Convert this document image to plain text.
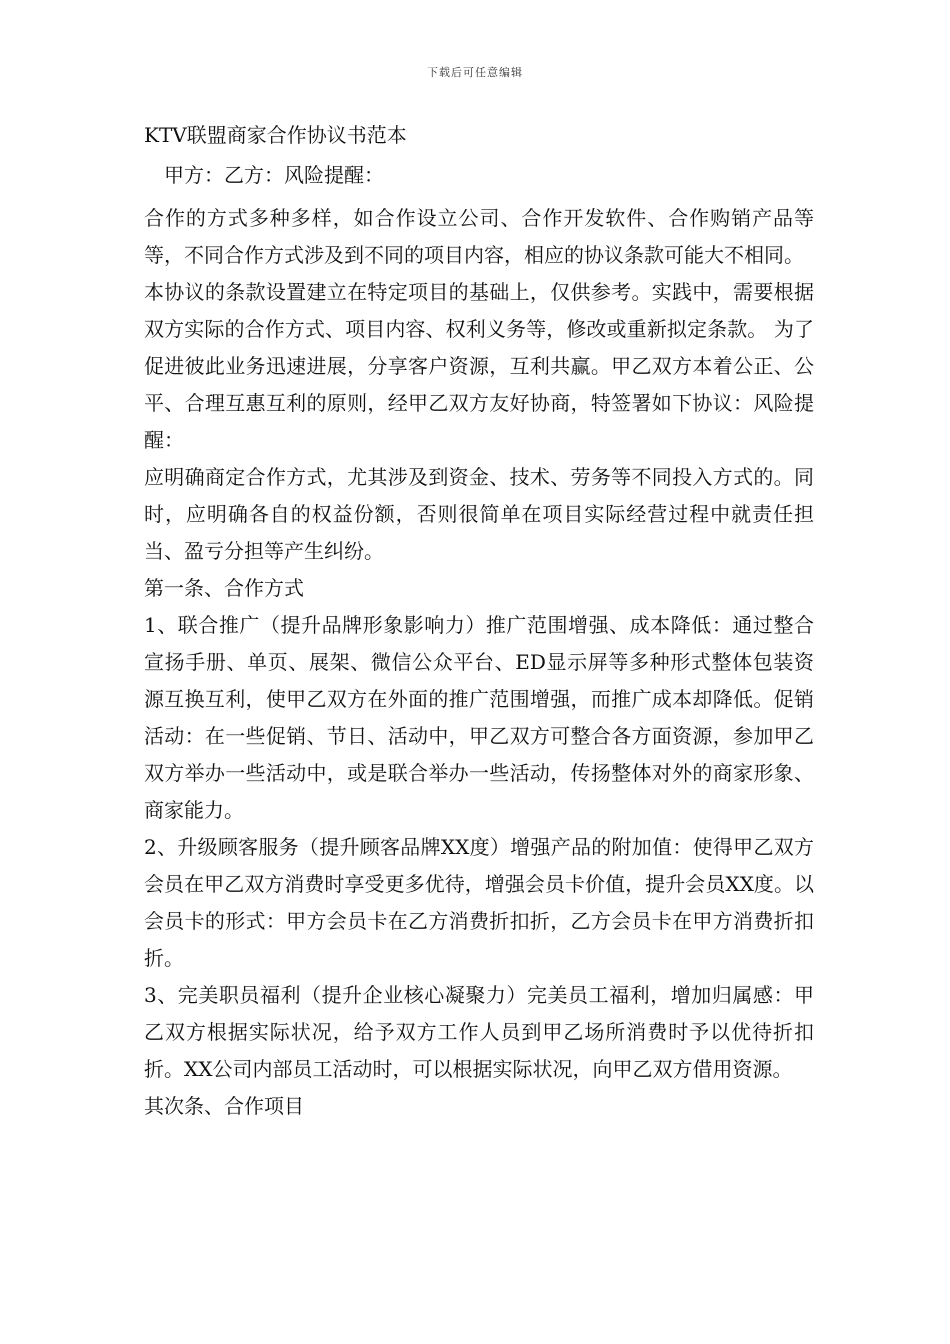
下载后可任意编辑
KTV联盟商家合作协议书范本
甲方：乙方：风险提醒：

合作的方式多种多样，如合作设立公司、合作开发软件、合作购销产品等等，不同合作方式涉及到不同的项目内容，相应的协议条款可能大不相同。

本协议的条款设置建立在特定项目的基础上，仅供参考。实践中，需要根据双方实际的合作方式、项目内容、权利义务等，修改或重新拟定条款。 为了促进彼此业务迅速进展，分享客户资源，互利共赢。甲乙双方本着公正、公平、合理互惠互利的原则，经甲乙双方友好协商，特签署如下协议：风险提醒：

应明确商定合作方式，尤其涉及到资金、技术、劳务等不同投入方式的。同时，应明确各自的权益份额，否则很简单在项目实际经营过程中就责任担当、盈亏分担等产生纠纷。

第一条、合作方式

1、联合推广（提升品牌形象影响力）推广范围增强、成本降低：通过整合宣扬手册、单页、展架、微信公众平台、ED显示屏等多种形式整体包装资源互换互利，使甲乙双方在外面的推广范围增强，而推广成本却降低。促销活动：在一些促销、节日、活动中，甲乙双方可整合各方面资源，参加甲乙双方举办一些活动中，或是联合举办一些活动，传扬整体对外的商家形象、商家能力。

2、升级顾客服务（提升顾客品牌XX度）增强产品的附加值：使得甲乙双方会员在甲乙双方消费时享受更多优待，增强会员卡价值，提升会员XX度。以会员卡的形式：甲方会员卡在乙方消费折扣折，乙方会员卡在甲方消费折扣折。

3、完美职员福利（提升企业核心凝聚力）完美员工福利，增加归属感：甲乙双方根据实际状况，给予双方工作人员到甲乙场所消费时予以优待折扣折。XX公司内部员工活动时，可以根据实际状况，向甲乙双方借用资源。

其次条、合作项目
